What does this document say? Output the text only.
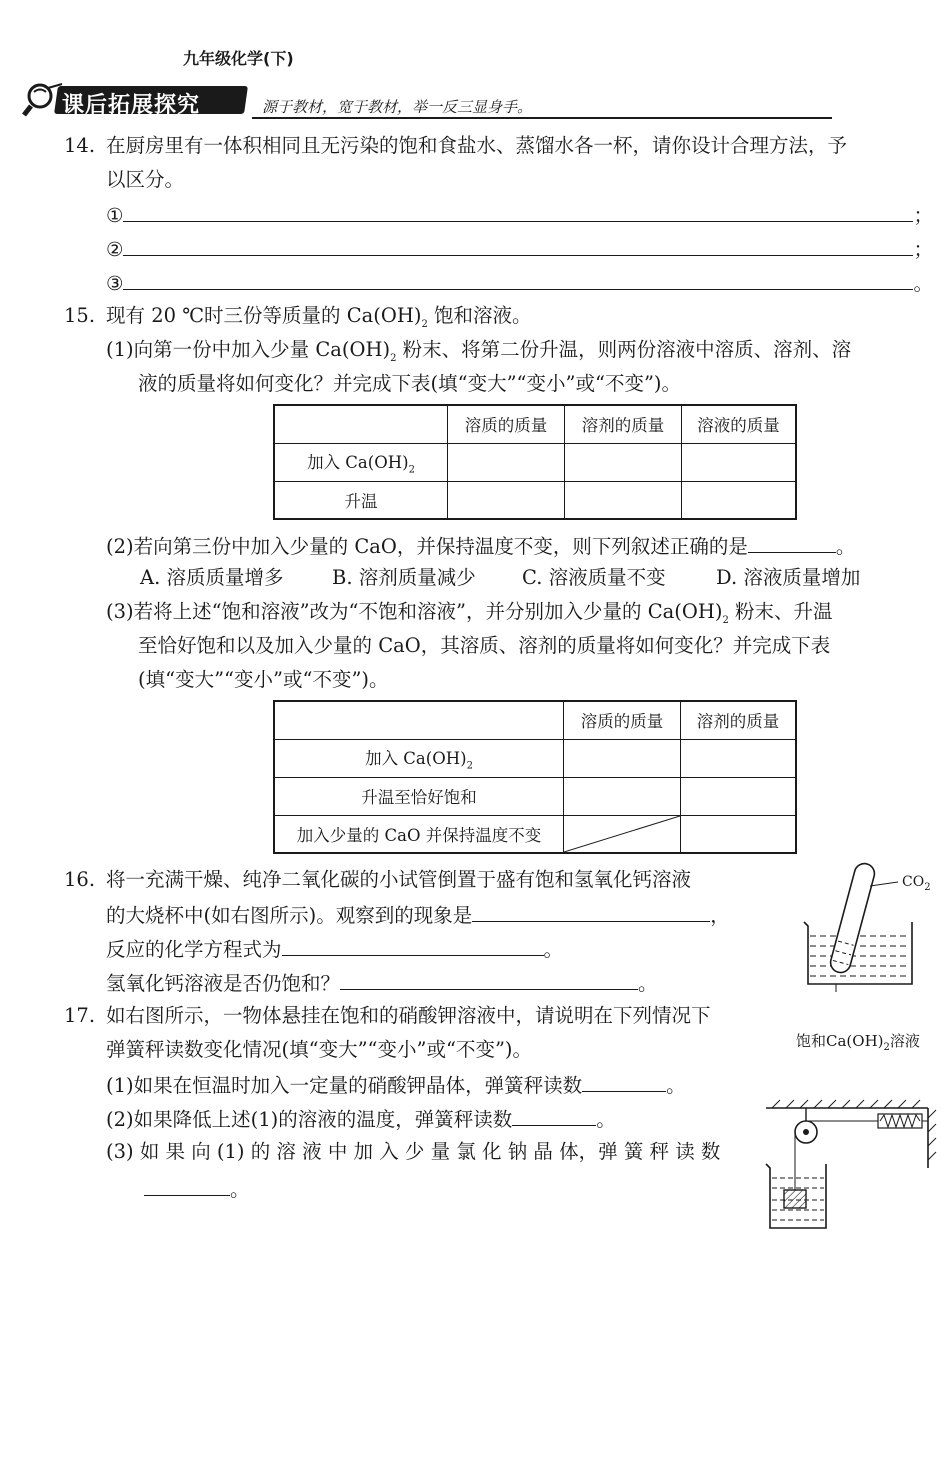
九年级化学(下)
课后拓展探究	源于教材，宽于教材，举一反三显身手。
14. 在厨房里有一体积相同且无污染的饱和食盐水、蒸馏水各一杯，请你设计合理方法，予
以区分。
①	；
②	；
③	。
15. 现有 20 ℃时三份等质量的 $Ca(OH)_2$ 饱和溶液。
(1)向第一份中加入少量 $Ca(OH)_2$ 粉末、将第二份升温，则两份溶液中溶质、溶剂、溶
液的质量将如何变化？并完成下表(填“变大”“变小”或“不变”)。
	溶质的质量	溶剂的质量	溶液的质量
加入 $Ca(OH)_2$			
升温			
(2)若向第三份中加入少量的 CaO，并保持温度不变，则下列叙述正确的是	。
A. 溶质质量增多 B. 溶剂质量减少 C. 溶液质量不变	D. 溶液质量增加
(3)若将上述“饱和溶液”改为“不饱和溶液”，并分别加入少量的 $Ca(OH)_2$ 粉末、升温
至恰好饱和以及加入少量的 CaO，其溶质、溶剂的质量将如何变化？并完成下表
(填“变大”“变小”或“不变”)。
	溶质的质量	溶剂的质量
加入 $Ca(OH)_2$		
升温至恰好饱和		
加入少量的 CaO 并保持温度不变	

16. 将一充满干燥、纯净二氧化碳的小试管倒置于盛有饱和氢氧化钙溶液
的大烧杯中(如右图所示)。观察到的现象是	，
反应的化学方程式为	。
氢氧化钙溶液是否仍饱和？	。
$CO_2$
饱和$Ca(OH)_2$溶液
17. 如右图所示，一物体悬挂在饱和的硝酸钾溶液中，请说明在下列情况下
弹簧秤读数变化情况(填“变大”“变小”或“不变”)。
(1)如果在恒温时加入一定量的硝酸钾晶体，弹簧秤读数	。
(2)如果降低上述(1)的溶液的温度，弹簧秤读数	。
(3) 如 果 向 (1) 的 溶 液 中 加 入 少 量 氯 化 钠 晶 体，弹 簧 秤 读 数
。
